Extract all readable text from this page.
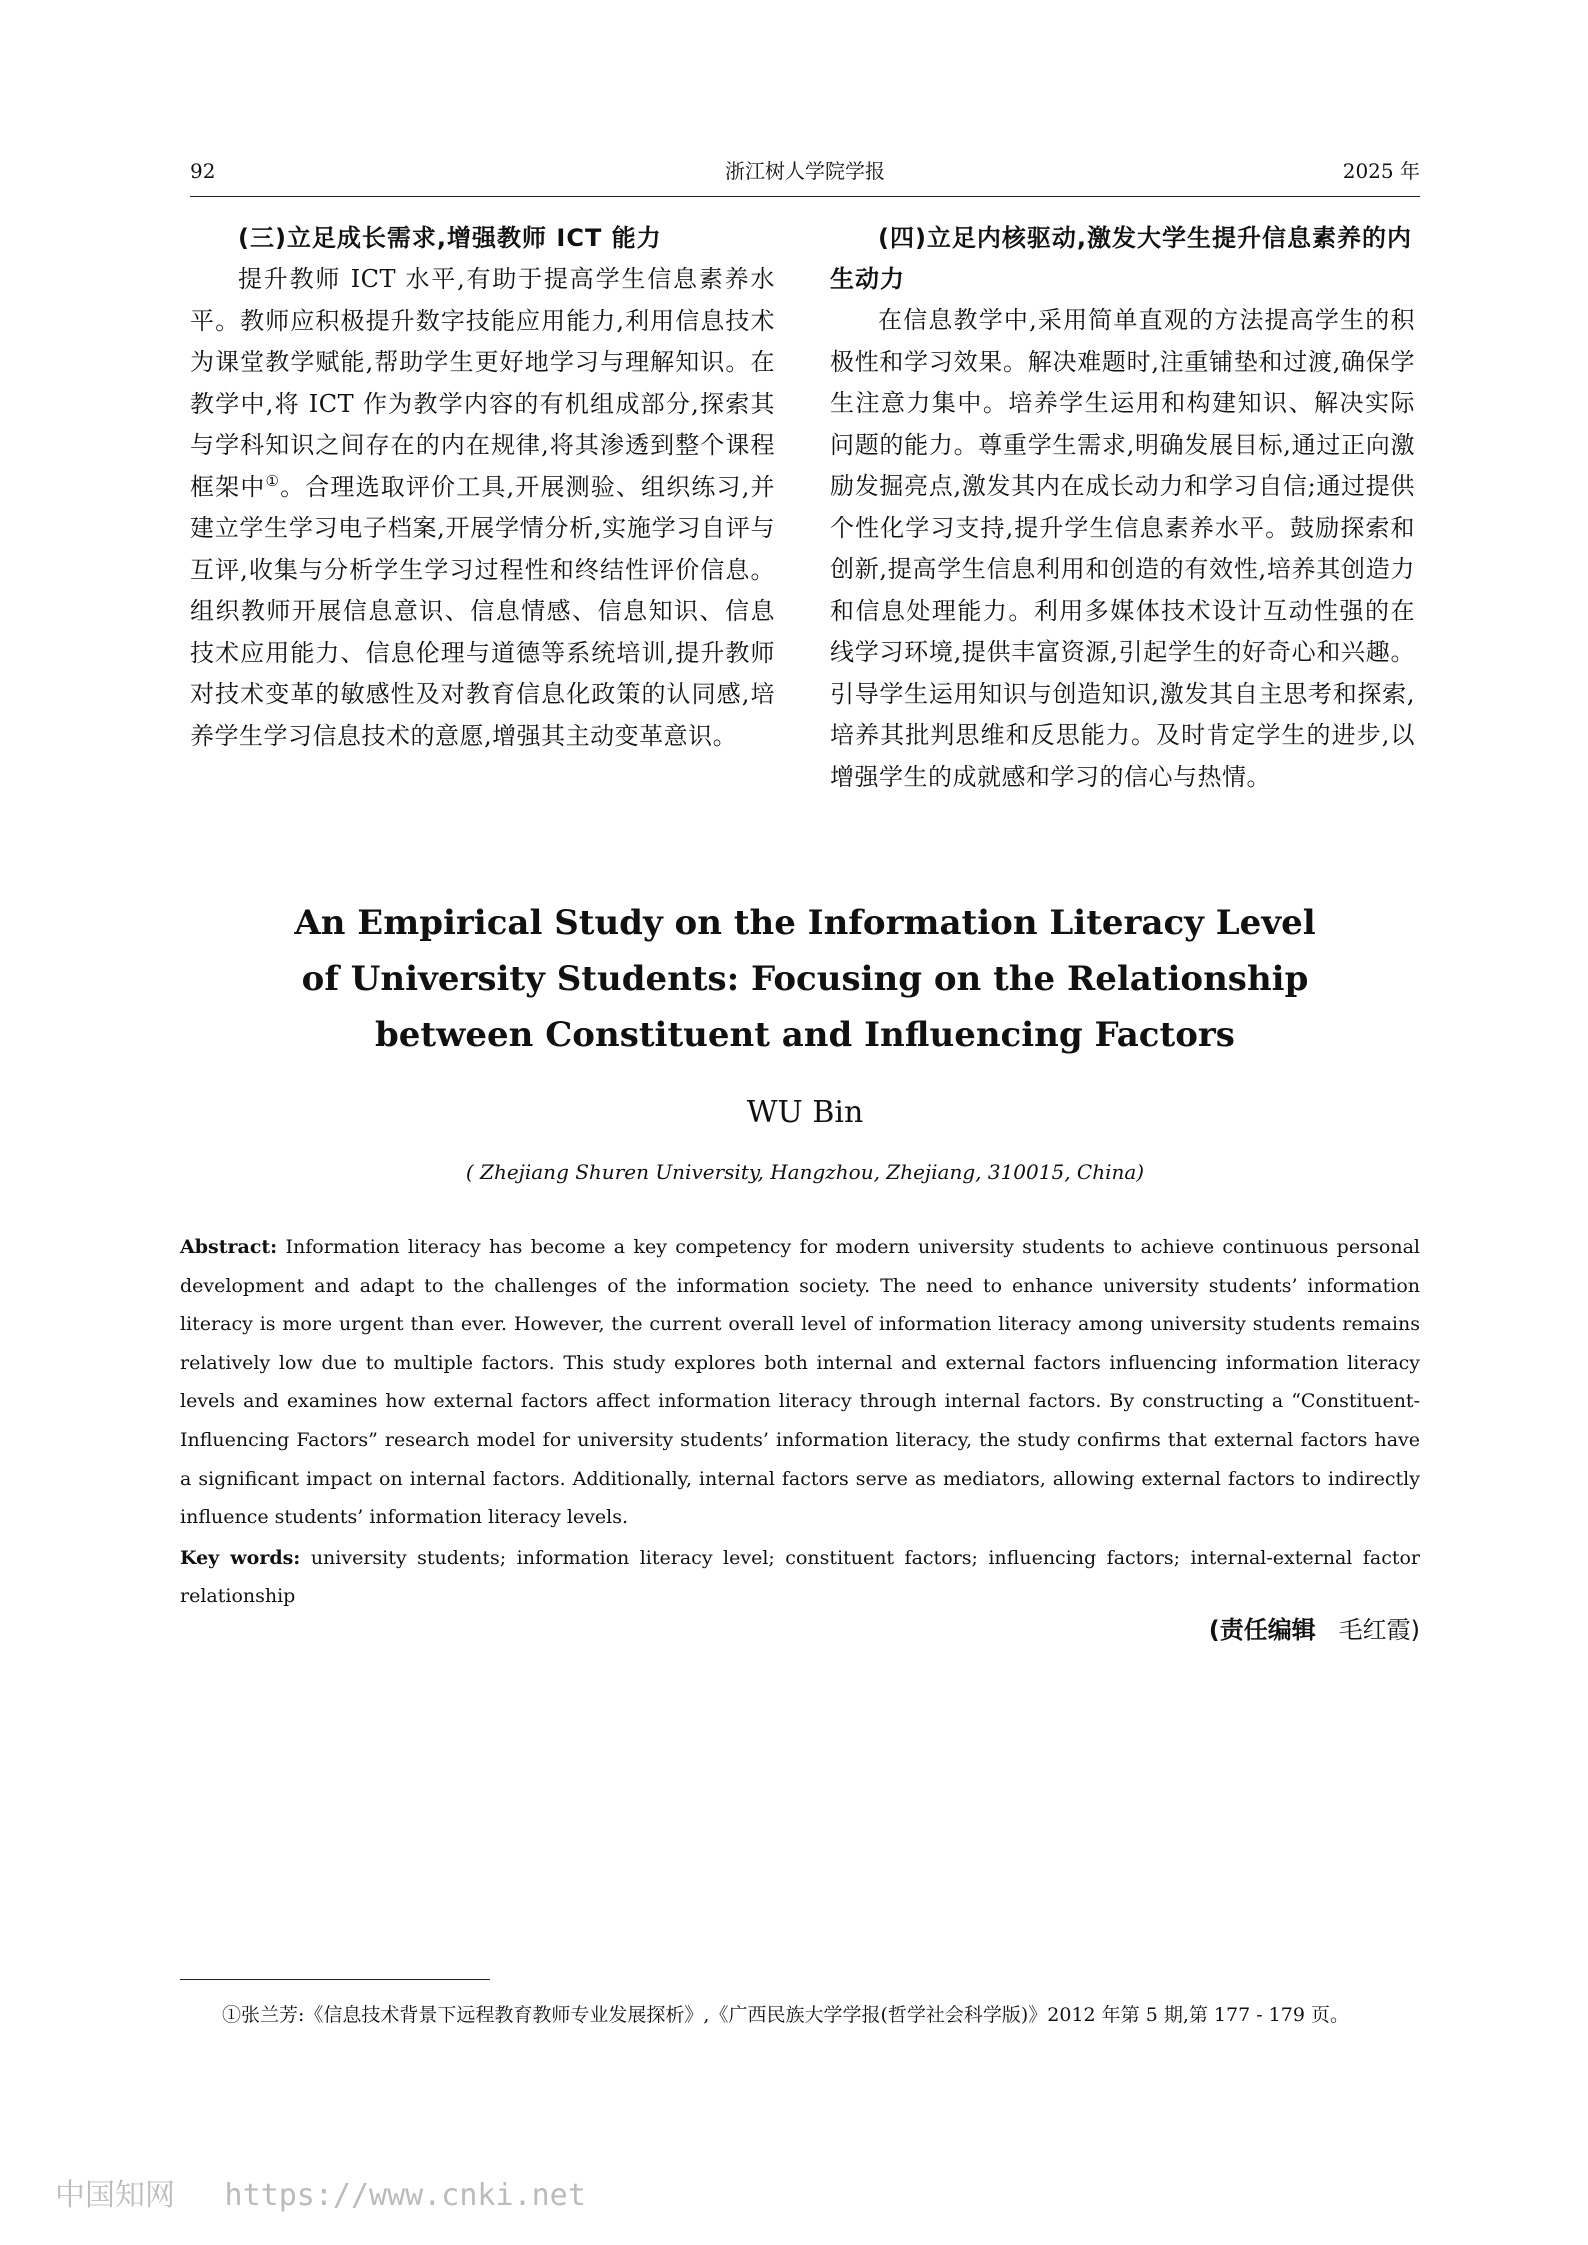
92	浙江树人学院学报	2025 年

(三)立足成长需求,增强教师 ICT 能力

提升教师 ICT 水平,有助于提高学生信息素养水平。教师应积极提升数字技能应用能力,利用信息技术为课堂教学赋能,帮助学生更好地学习与理解知识。在教学中,将 ICT 作为教学内容的有机组成部分,探索其与学科知识之间存在的内在规律,将其渗透到整个课程框架中①。合理选取评价工具,开展测验、组织练习,并建立学生学习电子档案,开展学情分析,实施学习自评与互评,收集与分析学生学习过程性和终结性评价信息。组织教师开展信息意识、信息情感、信息知识、信息技术应用能力、信息伦理与道德等系统培训,提升教师对技术变革的敏感性及对教育信息化政策的认同感,培养学生学习信息技术的意愿,增强其主动变革意识。

(四)立足内核驱动,激发大学生提升信息素养的内生动力

在信息教学中,采用简单直观的方法提高学生的积极性和学习效果。解决难题时,注重铺垫和过渡,确保学生注意力集中。培养学生运用和构建知识、解决实际问题的能力。尊重学生需求,明确发展目标,通过正向激励发掘亮点,激发其内在成长动力和学习自信;通过提供个性化学习支持,提升学生信息素养水平。鼓励探索和创新,提高学生信息利用和创造的有效性,培养其创造力和信息处理能力。利用多媒体技术设计互动性强的在线学习环境,提供丰富资源,引起学生的好奇心和兴趣。引导学生运用知识与创造知识,激发其自主思考和探索,培养其批判思维和反思能力。及时肯定学生的进步,以增强学生的成就感和学习的信心与热情。

An Empirical Study on the Information Literacy Level

of University Students: Focusing on the Relationship

between Constituent and Influencing Factors

WU Bin

( Zhejiang Shuren University, Hangzhou, Zhejiang, 310015, China)

Abstract: Information literacy has become a key competency for modern university students to achieve continuous personal development and adapt to the challenges of the information society. The need to enhance university students’ information literacy is more urgent than ever. However, the current overall level of information literacy among university students remains relatively low due to multiple factors. This study explores both internal and external factors influencing information literacy levels and examines how external factors affect information literacy through internal factors. By constructing a “Constituent-Influencing Factors” research model for university students’ information literacy, the study confirms that external factors have a significant impact on internal factors. Additionally, internal factors serve as mediators, allowing external factors to indirectly influence students’ information literacy levels.

Key words: university students; information literacy level; constituent factors; influencing factors; internal-external factor relationship

(责任编辑 毛红霞)

①张兰芳:《信息技术背景下远程教育教师专业发展探析》,《广西民族大学学报(哲学社会科学版)》2012 年第 5 期,第 177 - 179 页。

中国知网 https://www.cnki.net
